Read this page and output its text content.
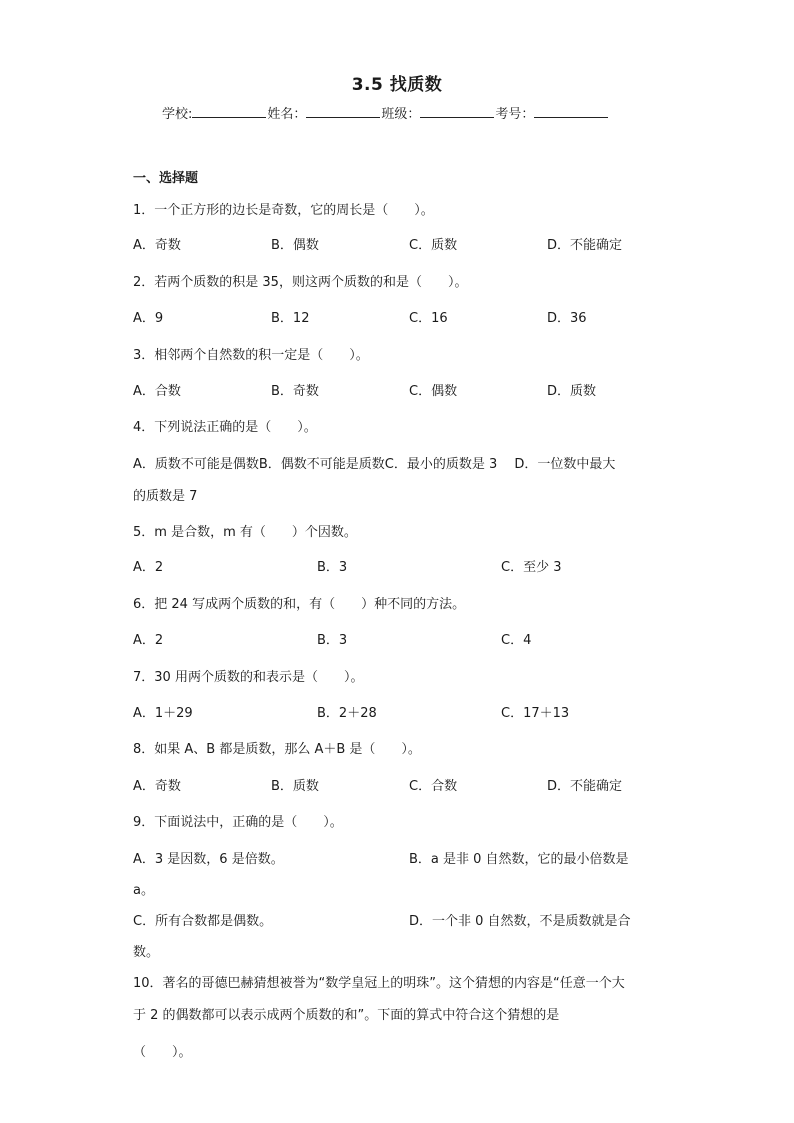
3.5 找质数
学校:	姓名：	班级：	考号：
一、选择题
1．一个正方形的边长是奇数，它的周长是（　　）。
A．奇数	B．偶数	C．质数	D．不能确定
2．若两个质数的积是 35，则这两个质数的和是（　　）。
A．9	B．12	C．16	D．36
3．相邻两个自然数的积一定是（　　）。
A．合数	B．奇数	C．偶数	D．质数
4．下列说法正确的是（　　）。
A．质数不可能是偶数B．偶数不可能是质数C．最小的质数是 3　 D．一位数中最大
的质数是 7
5．m 是合数，m 有（　　）个因数。
A．2	B．3	C．至少 3
6．把 24 写成两个质数的和，有（　　）种不同的方法。
A．2	B．3	C．4
7．30 用两个质数的和表示是（　　）。
A．1＋29	B．2＋28	C．17＋13
8．如果 A、B 都是质数，那么 A＋B 是（　　）。
A．奇数	B．质数	C．合数	D．不能确定
9．下面说法中，正确的是（　　）。
A．3 是因数，6 是倍数。	B．a 是非 0 自然数，它的最小倍数是
a。
C．所有合数都是偶数。	D．一个非 0 自然数，不是质数就是合
数。
10．著名的哥德巴赫猜想被誉为“数学皇冠上的明珠”。这个猜想的内容是“任意一个大
于 2 的偶数都可以表示成两个质数的和”。下面的算式中符合这个猜想的是
（　　）。
